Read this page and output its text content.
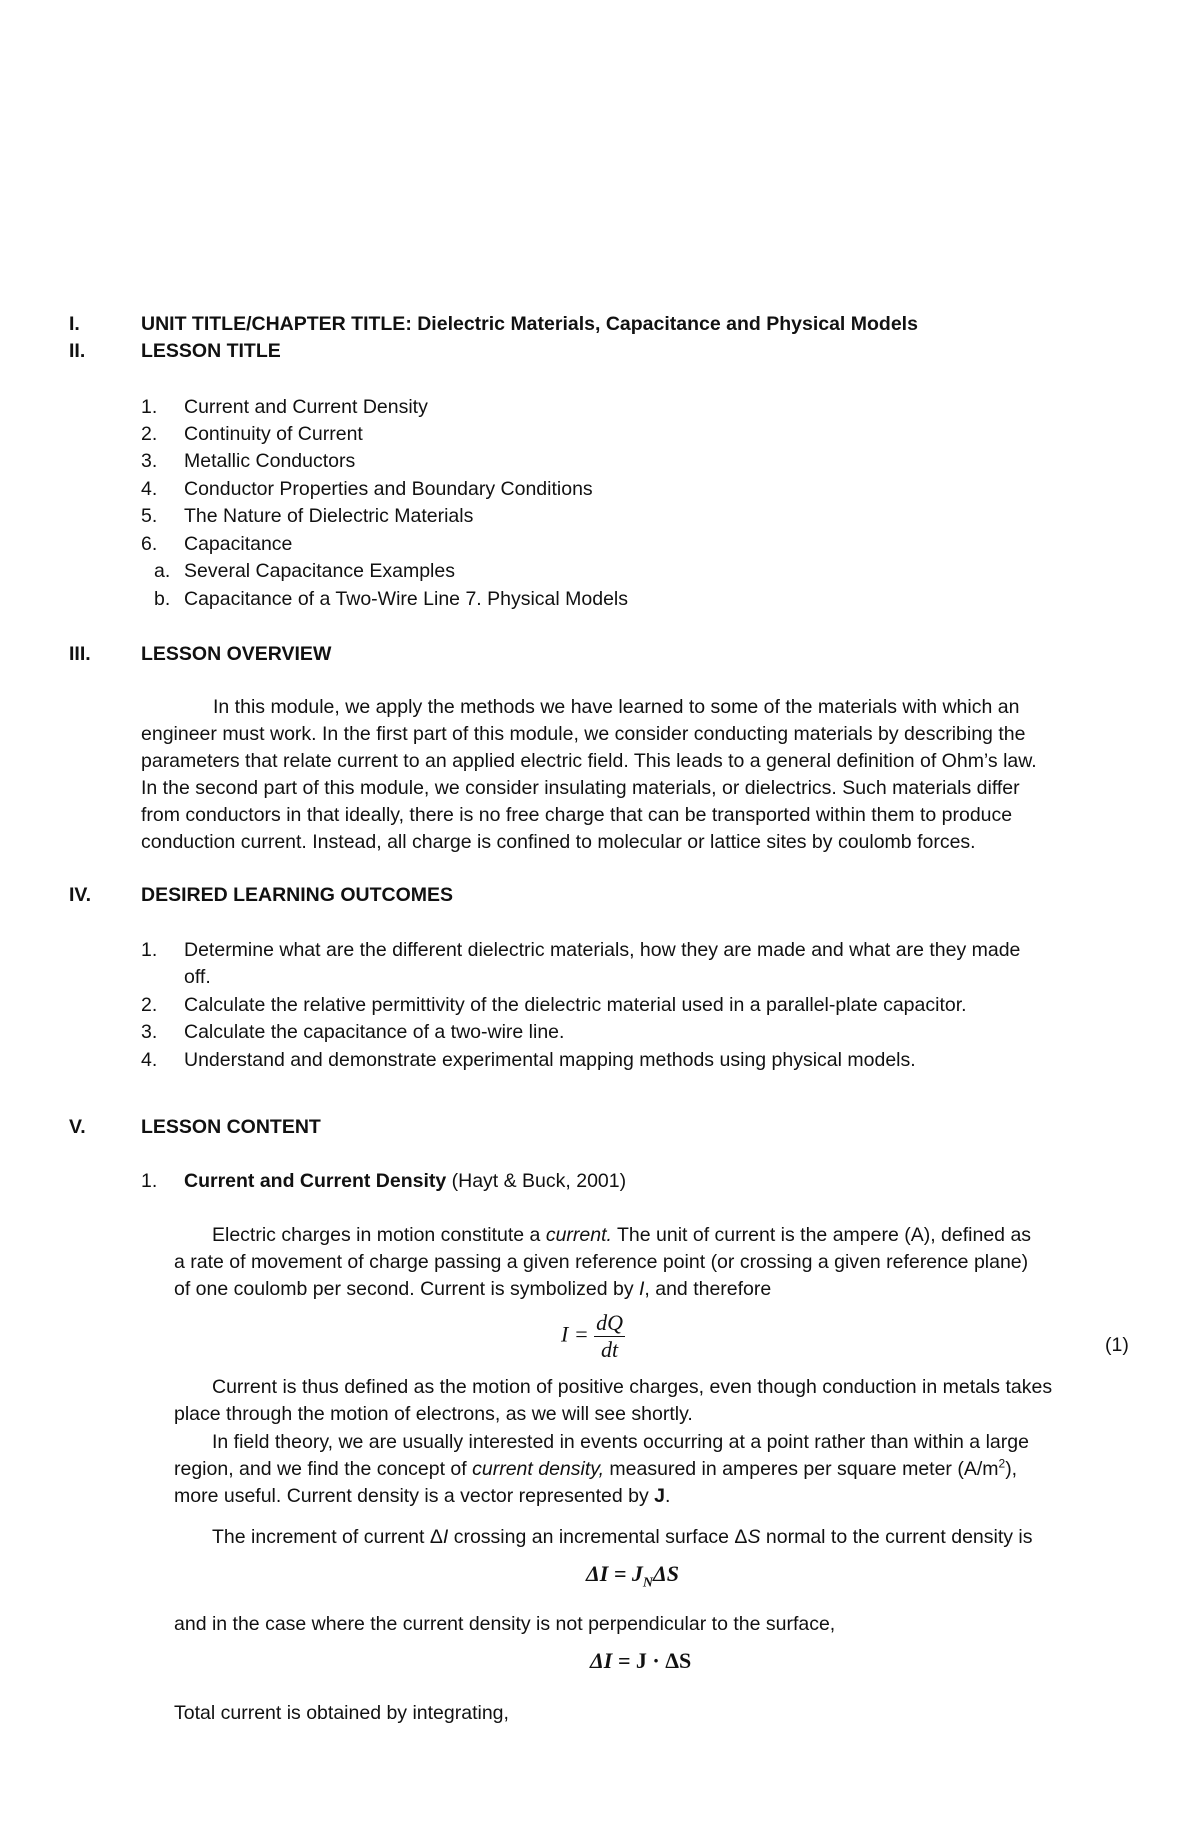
I.	UNIT TITLE/CHAPTER TITLE: Dielectric Materials, Capacitance and Physical Models
II.	LESSON TITLE
1. Current and Current Density
2. Continuity of Current
3. Metallic Conductors
4. Conductor Properties and Boundary Conditions
5. The Nature of Dielectric Materials
6. Capacitance
a. Several Capacitance Examples
b. Capacitance of a Two-Wire Line 7. Physical Models
III.	LESSON OVERVIEW
In this module, we apply the methods we have learned to some of the materials with which an
engineer must work. In the first part of this module, we consider conducting materials by describing the
parameters that relate current to an applied electric field. This leads to a general definition of Ohm’s law.
In the second part of this module, we consider insulating materials, or dielectrics. Such materials differ
from conductors in that ideally, there is no free charge that can be transported within them to produce
conduction current. Instead, all charge is confined to molecular or lattice sites by coulomb forces.
IV.	DESIRED LEARNING OUTCOMES
1. Determine what are the different dielectric materials, how they are made and what are they made
off.
2. Calculate the relative permittivity of the dielectric material used in a parallel-plate capacitor.
3. Calculate the capacitance of a two-wire line.
4. Understand and demonstrate experimental mapping methods using physical models.
V.	LESSON CONTENT
1. Current and Current Density (Hayt & Buck, 2001)
Electric charges in motion constitute a current. The unit of current is the ampere (A), defined as
a rate of movement of charge passing a given reference point (or crossing a given reference plane)
of one coulomb per second. Current is symbolized by I, and therefore
$I = \frac{dQ}{dt}$	(1)
Current is thus defined as the motion of positive charges, even though conduction in metals takes
place through the motion of electrons, as we will see shortly.
In field theory, we are usually interested in events occurring at a point rather than within a large
region, and we find the concept of current density, measured in amperes per square meter $(A/m^2)$,
more useful. Current density is a vector represented by J.
The increment of current ΔI crossing an incremental surface ΔS normal to the current density is
$\Delta I = J_N\Delta S$
and in the case where the current density is not perpendicular to the surface,
ΔI = J · ΔS
Total current is obtained by integrating,
